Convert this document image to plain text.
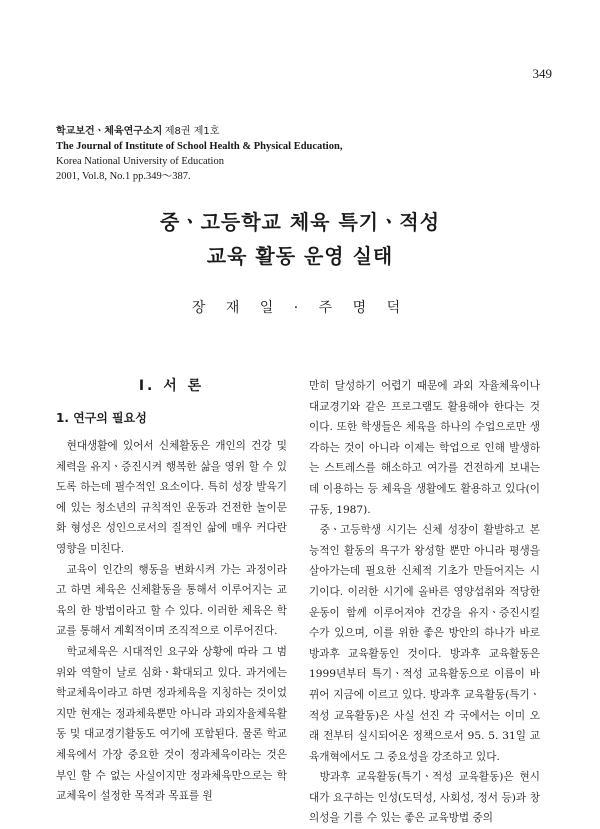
349

학교보건ㆍ체육연구소지 제8권 제1호
The Journal of Institute of School Health & Physical Education,
Korea National University of Education
2001, Vol.8, No.1 pp.349～387.
중ㆍ고등학교 체육 특기ㆍ적성
교육 활동 운영 실태

장 재 일 · 주 명 덕

Ⅰ. 서 론
1. 연구의 필요성

현대생활에 있어서 신체활동은 개인의 건강 및 체력을 유지ㆍ증진시켜 행복한 삶을 영위 할 수 있도록 하는데 필수적인 요소이다. 특히 성장 발육기에 있는 청소년의 규칙적인 운동과 건전한 놀이문화 형성은 성인으로서의 질적인 삶에 매우 커다란 영향을 미친다.

교육이 인간의 행동을 변화시켜 가는 과정이라고 하면 체육은 신체활동을 통해서 이루어지는 교육의 한 방법이라고 할 수 있다. 이러한 체육은 학교를 통해서 계획적이며 조직적으로 이루어진다.

학교체육은 시대적인 요구와 상황에 따라 그 범위와 역할이 날로 심화ㆍ확대되고 있다. 과거에는 학교체육이라고 하면 정과체육을 지칭하는 것이었지만 현재는 정과체육뿐만 아니라 과외자율체육활동 및 대교경기활동도 여기에 포함된다. 물론 학교체육에서 가장 중요한 것이 정과체육이라는 것은 부인 할 수 없는 사실이지만 정과체육만으로는 학교체육이 설정한 목적과 목표를 원

만히 달성하기 어렵기 때문에 과외 자율체육이나 대교경기와 같은 프로그램도 활용해야 한다는 것이다. 또한 학생들은 체육을 하나의 수업으로만 생각하는 것이 아니라 이제는 학업으로 인해 발생하는 스트레스를 해소하고 여가를 건전하게 보내는데 이용하는 등 체육을 생활에도 활용하고 있다(이규동, 1987).

중ㆍ고등학생 시기는 신체 성장이 활발하고 본능적인 활동의 욕구가 왕성할 뿐만 아니라 평생을 살아가는데 필요한 신체적 기초가 만들어지는 시기이다. 이러한 시기에 올바른 영양섭취와 적당한 운동이 함께 이루어져야 건강을 유지ㆍ증진시킬 수가 있으며, 이를 위한 좋은 방안의 하나가 바로 방과후 교육활동인 것이다. 방과후 교육활동은 1999년부터 특기ㆍ적성 교육활동으로 이름이 바뀌어 지금에 이르고 있다. 방과후 교육활동(특기ㆍ적성 교육활동)은 사실 선진 각 국에서는 이미 오래 전부터 실시되어온 정책으로서 95. 5. 31일 교육개혁에서도 그 중요성을 강조하고 있다.

방과후 교육활동(특기ㆍ적성 교육활동)은 현시대가 요구하는 인성(도덕성, 사회성, 정서 등)과 창의성을 기를 수 있는 좋은 교육방법 중의
